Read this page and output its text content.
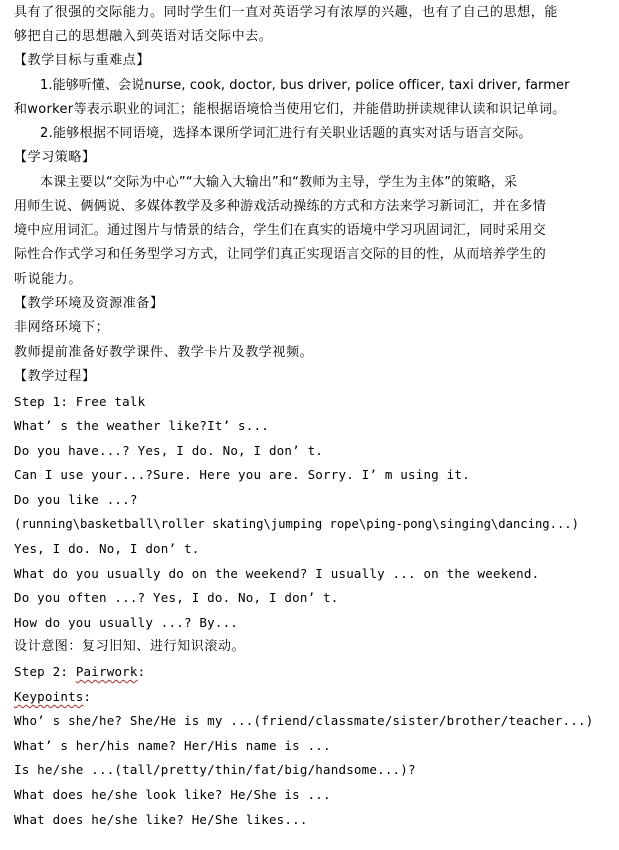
具有了很强的交际能力。同时学生们一直对英语学习有浓厚的兴趣，也有了自己的思想，能
够把自己的思想融入到英语对话交际中去。
【教学目标与重难点】
1.能够听懂、会说nurse, cook, doctor, bus driver, police officer, taxi driver, farmer
和worker等表示职业的词汇；能根据语境恰当使用它们，并能借助拼读规律认读和识记单词。
2.能够根据不同语境，选择本课所学词汇进行有关职业话题的真实对话与语言交际。
【学习策略】
本课主要以“交际为中心”“大输入大输出”和“教师为主导，学生为主体”的策略，采
用师生说、俩俩说、多媒体教学及多种游戏活动操练的方式和方法来学习新词汇，并在多情
境中应用词汇。通过图片与情景的结合，学生们在真实的语境中学习巩固词汇，同时采用交
际性合作式学习和任务型学习方式，让同学们真正实现语言交际的目的性，从而培养学生的
听说能力。
【教学环境及资源准备】
非网络环境下；
教师提前准备好教学课件、教学卡片及教学视频。
【教学过程】
Step 1: Free talk
What’ s the weather like?It’ s...
Do you have...? Yes, I do. No, I don’ t.
Can I use your...?Sure. Here you are. Sorry. I’ m using it.
Do you like ...?
(running\basketball\roller skating\jumping rope\ping-pong\singing\dancing...)
Yes, I do. No, I don’ t.
What do you usually do on the weekend? I usually ... on the weekend.
Do you often ...? Yes, I do. No, I don’ t.
How do you usually ...? By...
设计意图：复习旧知、进行知识滚动。
Step 2: Pairwork:
Keypoints:
Who’ s she/he? She/He is my ...(friend/classmate/sister/brother/teacher...)
What’ s her/his name? Her/His name is ...
Is he/she ...(tall/pretty/thin/fat/big/handsome...)?
What does he/she look like? He/She is ...
What does he/she like? He/She likes...
